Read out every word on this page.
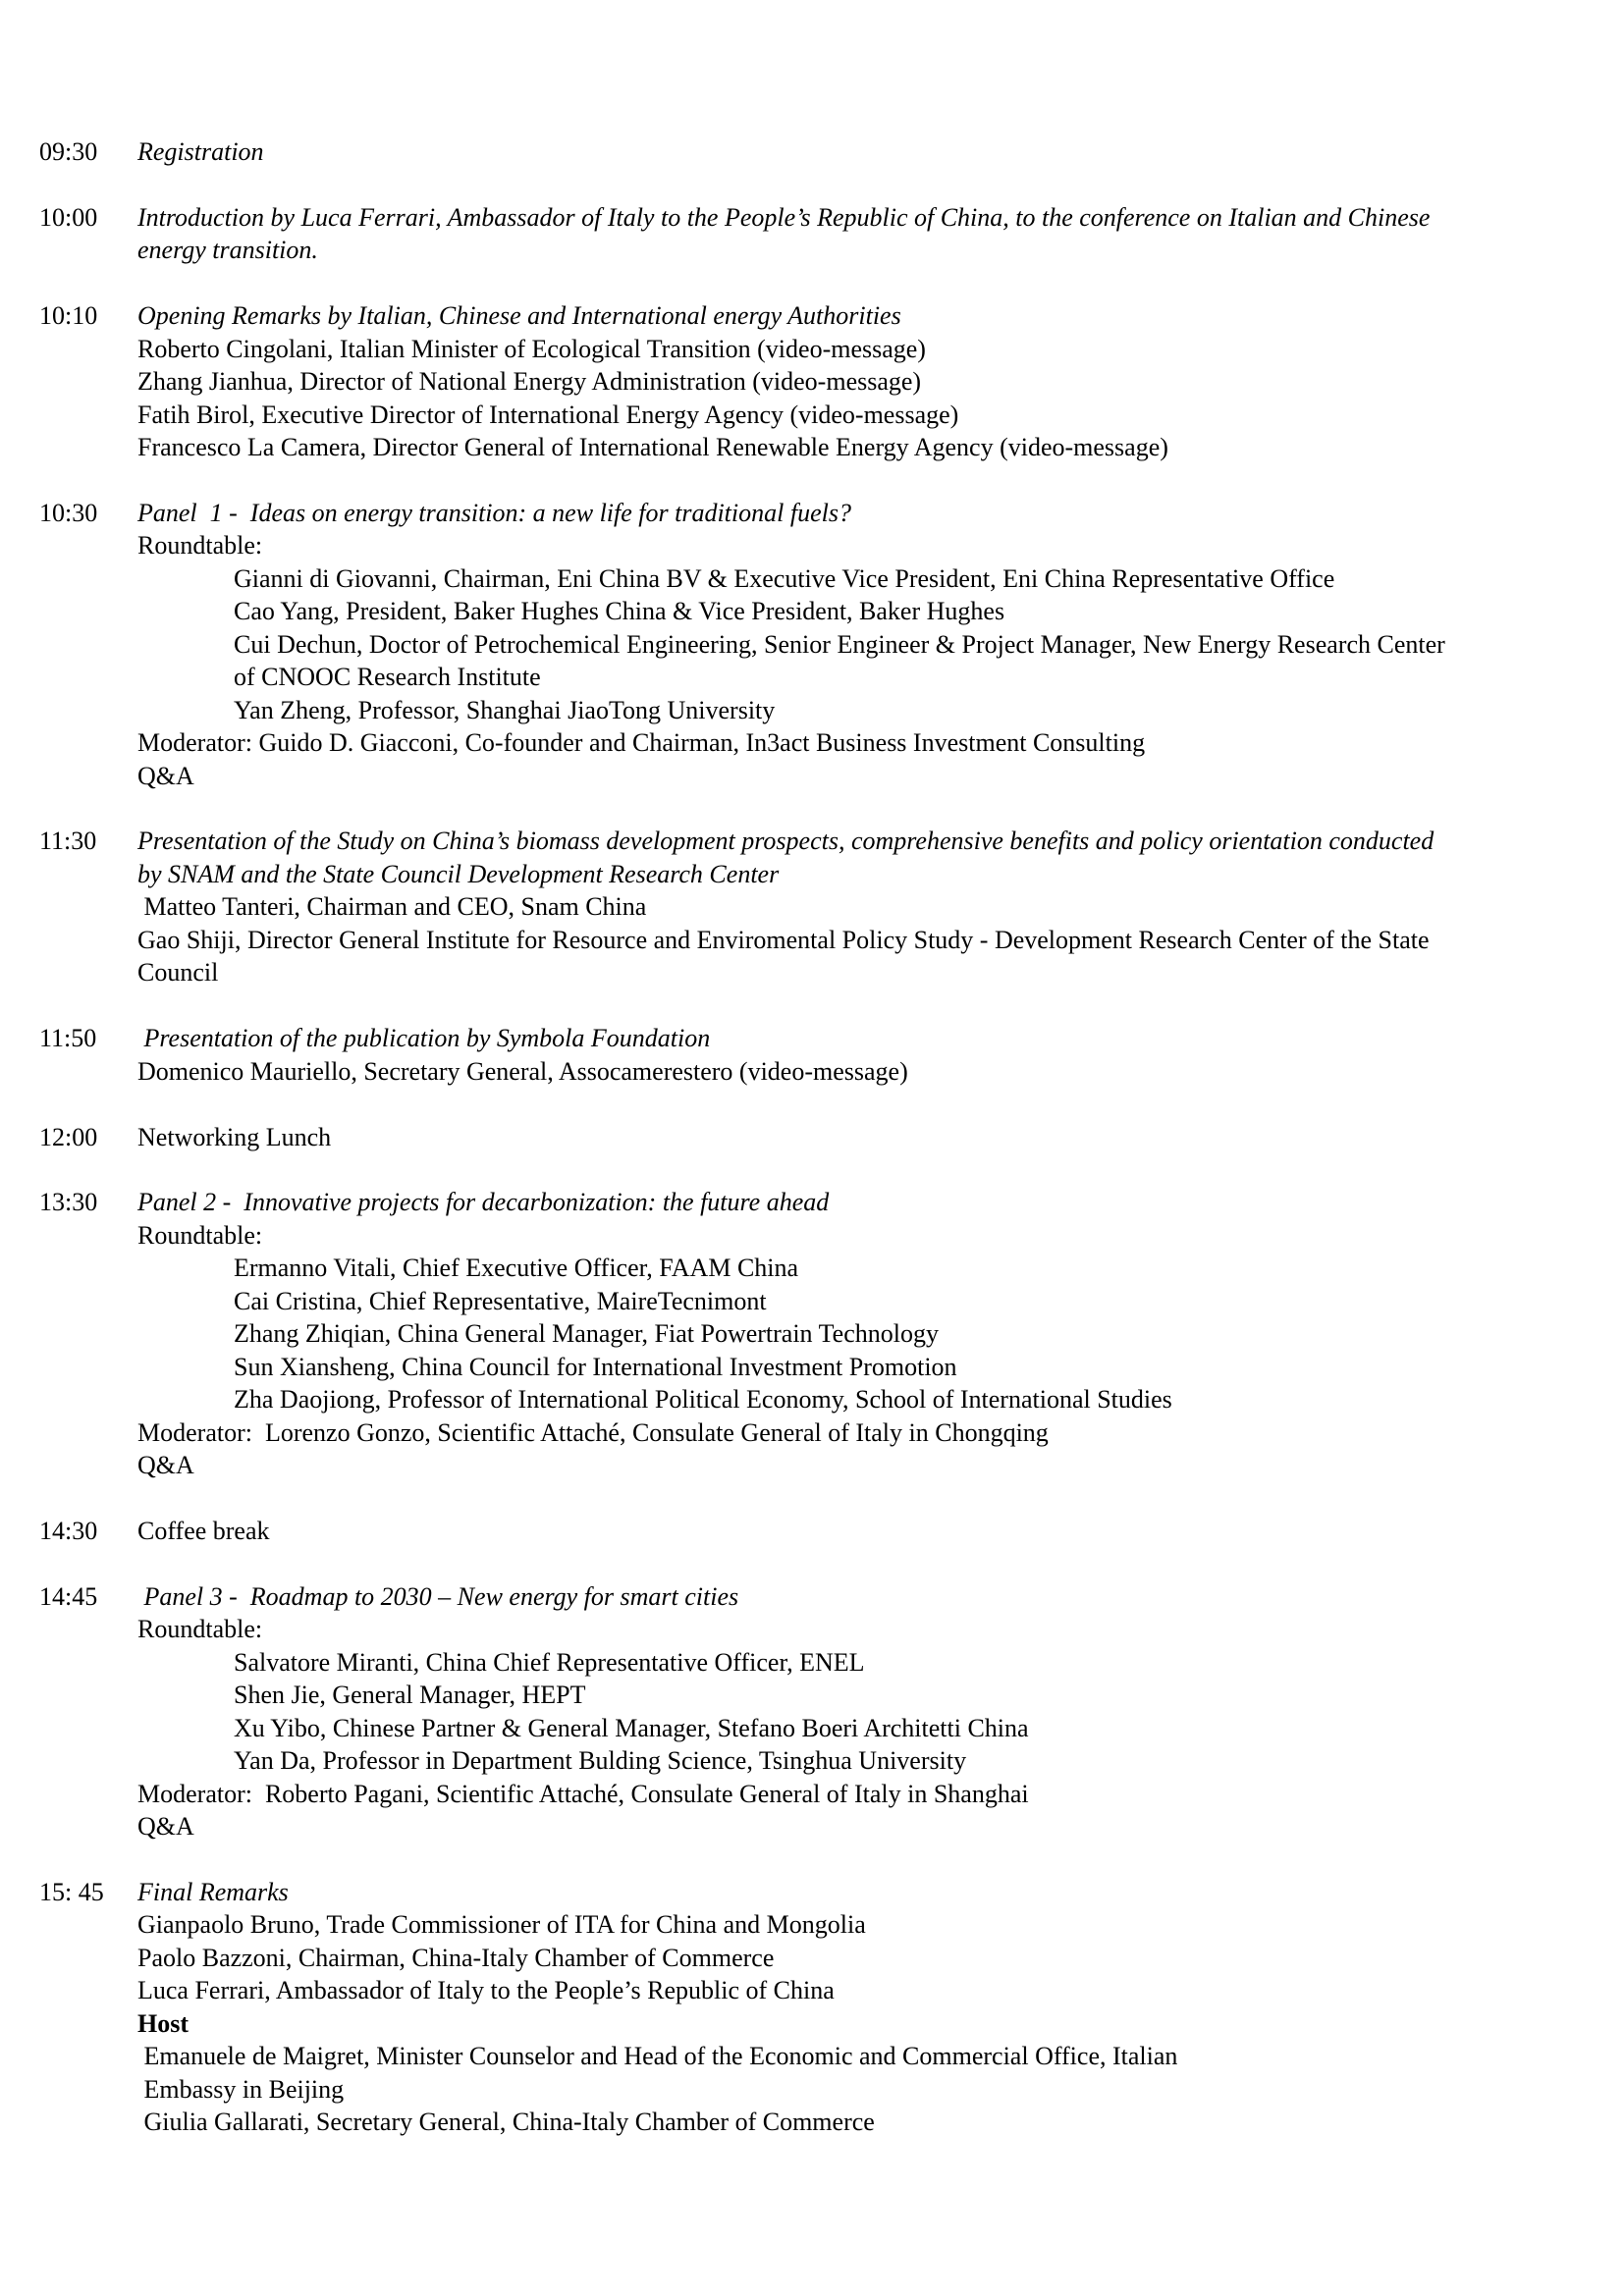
09:30 Registration
10:00 Introduction by Luca Ferrari, Ambassador of Italy to the People’s Republic of China, to the conference on Italian and Chinese
energy transition.
10:10 Opening Remarks by Italian, Chinese and International energy Authorities
Roberto Cingolani, Italian Minister of Ecological Transition (video-message)
Zhang Jianhua, Director of National Energy Administration (video-message)
Fatih Birol, Executive Director of International Energy Agency (video-message)
Francesco La Camera, Director General of International Renewable Energy Agency (video-message)
10:30 Panel  1 -  Ideas on energy transition: a new life for traditional fuels?
Roundtable:
Gianni di Giovanni, Chairman, Eni China BV & Executive Vice President, Eni China Representative Office
Cao Yang, President, Baker Hughes China & Vice President, Baker Hughes
Cui Dechun, Doctor of Petrochemical Engineering, Senior Engineer & Project Manager, New Energy Research Center
of CNOOC Research Institute
Yan Zheng, Professor, Shanghai JiaoTong University
Moderator: Guido D. Giacconi, Co-founder and Chairman, In3act Business Investment Consulting
Q&A
11:30 Presentation of the Study on China’s biomass development prospects, comprehensive benefits and policy orientation conducted
by SNAM and the State Council Development Research Center
Matteo Tanteri, Chairman and CEO, Snam China
Gao Shiji, Director General Institute for Resource and Enviromental Policy Study - Development Research Center of the State
Council
11:50 Presentation of the publication by Symbola Foundation
Domenico Mauriello, Secretary General, Assocamerestero (video-message)
12:00 Networking Lunch
13:30 Panel 2 -  Innovative projects for decarbonization: the future ahead
Roundtable:
Ermanno Vitali, Chief Executive Officer, FAAM China
Cai Cristina, Chief Representative, MaireTecnimont
Zhang Zhiqian, China General Manager, Fiat Powertrain Technology
Sun Xiansheng, China Council for International Investment Promotion
Zha Daojiong, Professor of International Political Economy, School of International Studies
Moderator:  Lorenzo Gonzo, Scientific Attaché, Consulate General of Italy in Chongqing
Q&A
14:30 Coffee break
14:45 Panel 3 -  Roadmap to 2030 – New energy for smart cities
Roundtable:
Salvatore Miranti, China Chief Representative Officer, ENEL
Shen Jie, General Manager, HEPT
Xu Yibo, Chinese Partner & General Manager, Stefano Boeri Architetti China
Yan Da, Professor in Department Bulding Science, Tsinghua University
Moderator:  Roberto Pagani, Scientific Attaché, Consulate General of Italy in Shanghai
Q&A
15: 45 Final Remarks
Gianpaolo Bruno, Trade Commissioner of ITA for China and Mongolia
Paolo Bazzoni, Chairman, China-Italy Chamber of Commerce
Luca Ferrari, Ambassador of Italy to the People’s Republic of China
Host
Emanuele de Maigret, Minister Counselor and Head of the Economic and Commercial Office, Italian
Embassy in Beijing
Giulia Gallarati, Secretary General, China-Italy Chamber of Commerce
